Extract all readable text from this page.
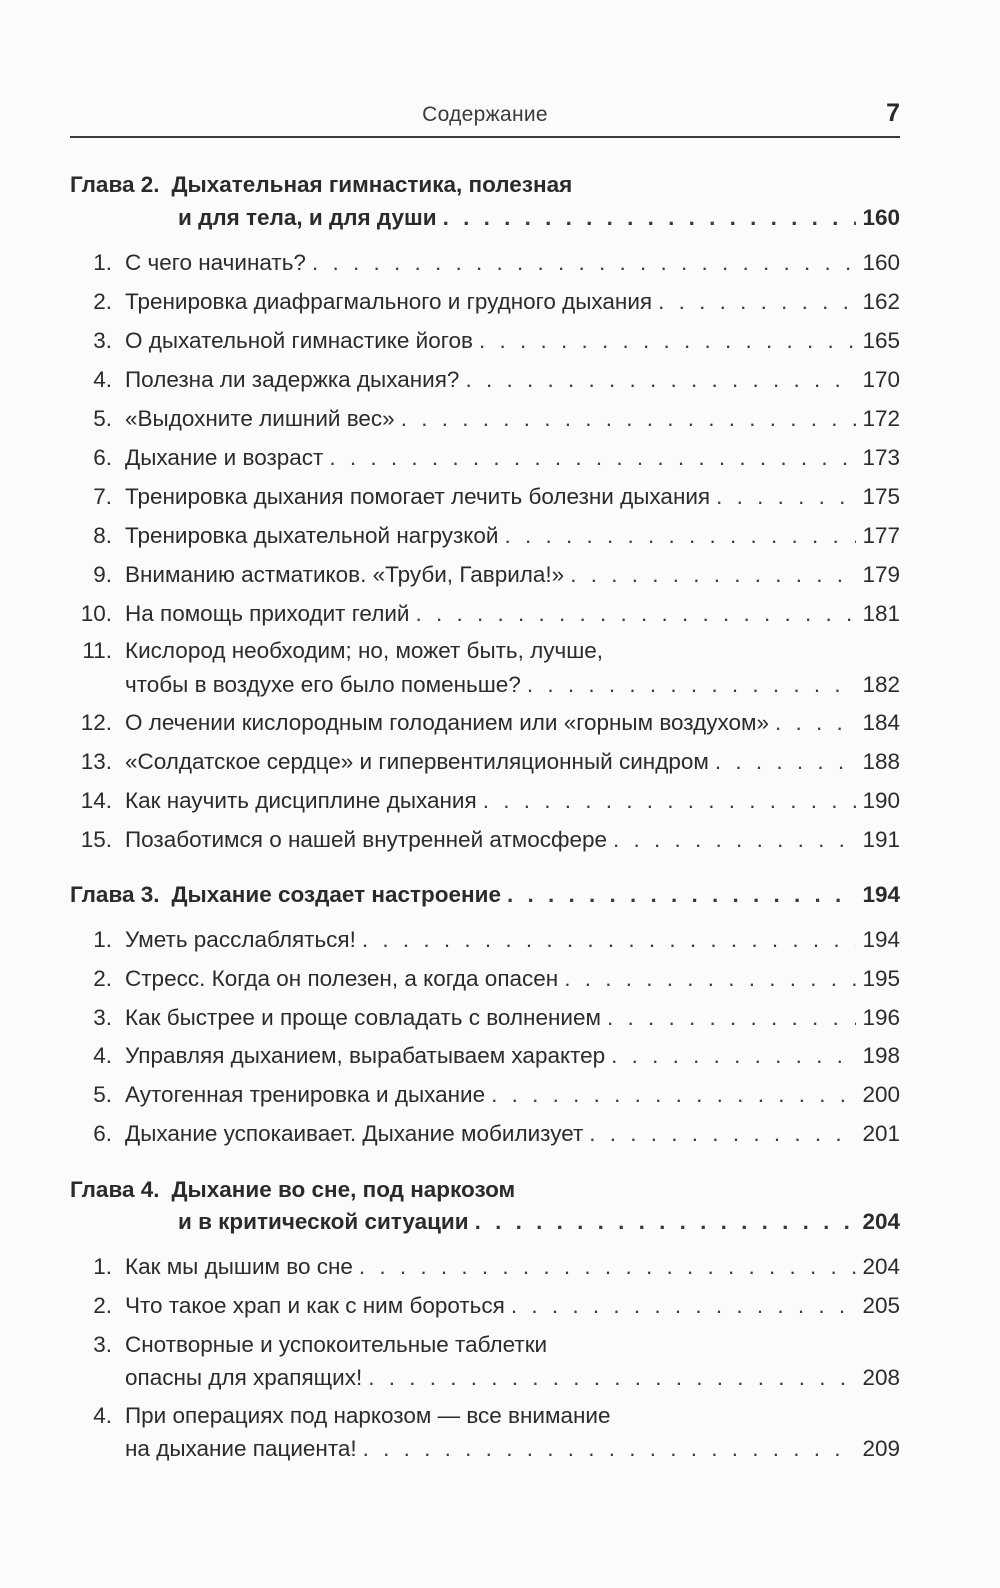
Содержание	7
Глава 2. Дыхательная гимнастика, полезная
и для тела, и для души . . .	160
1. С чего начинать? . . .	160
2. Тренировка диафрагмального и грудного дыхания . . .	162
3. О дыхательной гимнастике йогов . . .	165
4. Полезна ли задержка дыхания? . . .	170
5. «Выдохните лишний вес» . . .	172
6. Дыхание и возраст . . .	173
7. Тренировка дыхания помогает лечить болезни дыхания . . .	175
8. Тренировка дыхательной нагрузкой . . .	177
9. Вниманию астматиков. «Труби, Гаврила!» . . .	179
10. На помощь приходит гелий . . .	181
11. Кислород необходим; но, может быть, лучше,
чтобы в воздухе его было поменьше? . . .	182
12. О лечении кислородным голоданием или «горным воздухом» . . .	184
13. «Солдатское сердце» и гипервентиляционный синдром . . .	188
14. Как научить дисциплине дыхания . . .	190
15. Позаботимся о нашей внутренней атмосфере . . .	191
Глава 3. Дыхание создает настроение . . .	194
1. Уметь расслабляться! . . .	194
2. Стресс. Когда он полезен, а когда опасен . . .	195
3. Как быстрее и проще совладать с волнением . . .	196
4. Управляя дыханием, вырабатываем характер . . .	198
5. Аутогенная тренировка и дыхание . . .	200
6. Дыхание успокаивает. Дыхание мобилизует . . .	201
Глава 4. Дыхание во сне, под наркозом
и в критической ситуации . . .	204
1. Как мы дышим во сне . . .	204
2. Что такое храп и как с ним бороться . . .	205
3. Снотворные и успокоительные таблетки
опасны для храпящих! . . .	208
4. При операциях под наркозом — все внимание
на дыхание пациента! . . .	209
